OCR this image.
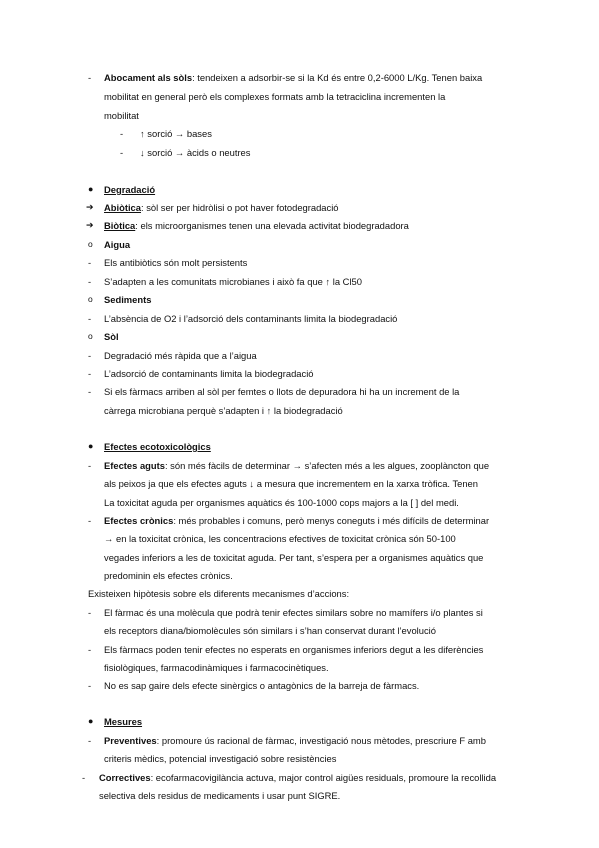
- Abocament als sòls: tendeixen a adsorbir-se si la Kd és entre 0,2-6000 L/Kg. Tenen baixa
mobilitat en general però els complexes formats amb la tetraciclina incrementen la
mobilitat
- ↑ sorció → bases
- ↓ sorció → àcids o neutres
● Degradació
➔ Abiòtica: sòl ser per hidròlisi o pot haver fotodegradació
➔ Biòtica: els microorganismes tenen una elevada activitat biodegradadora
o Aigua
- Els antibiòtics són molt persistents
- S’adapten a les comunitats microbianes i això fa que ↑ la Cl50
o Sediments
- L’absència de O2 i l’adsorció dels contaminants limita la biodegradació
o Sòl
- Degradació més ràpida que a l’aigua
- L’adsorció de contaminants limita la biodegradació
- Si els fàrmacs arriben al sòl per femtes o llots de depuradora hi ha un increment de la
càrrega microbiana perquè s’adapten i ↑ la biodegradació
● Efectes ecotoxicològics
- Efectes aguts: són més fàcils de determinar → s’afecten més a les algues, zooplàncton que
als peixos ja que els efectes aguts ↓ a mesura que incrementem en la xarxa tròfica. Tenen
La toxicitat aguda per organismes aquàtics és 100-1000 cops majors a la [ ] del medi.
- Efectes crònics: més probables i comuns, però menys coneguts i més difícils de determinar
→ en la toxicitat crònica, les concentracions efectives de toxicitat crònica són 50-100
vegades inferiors a les de toxicitat aguda. Per tant, s’espera per a organismes aquàtics que
predominin els efectes crònics.
Existeixen hipòtesis sobre els diferents mecanismes d’accions:
- El fàrmac és una molècula que podrà tenir efectes similars sobre no mamífers i/o plantes si
els receptors diana/biomolècules són similars i s’han conservat durant l’evolució
- Els fàrmacs poden tenir efectes no esperats en organismes inferiors degut a les diferències
fisiològiques, farmacodinàmiques i farmacocinètiques.
- No es sap gaire dels efecte sinèrgics o antagònics de la barreja de fàrmacs.
● Mesures
- Preventives: promoure ús racional de fàrmac, investigació nous mètodes, prescriure F amb
criteris mèdics, potencial investigació sobre resistències
- Correctives: ecofarmacovigilància actuva, major control aigües residuals, promoure la recollida
selectiva dels residus de medicaments i usar punt SIGRE.
